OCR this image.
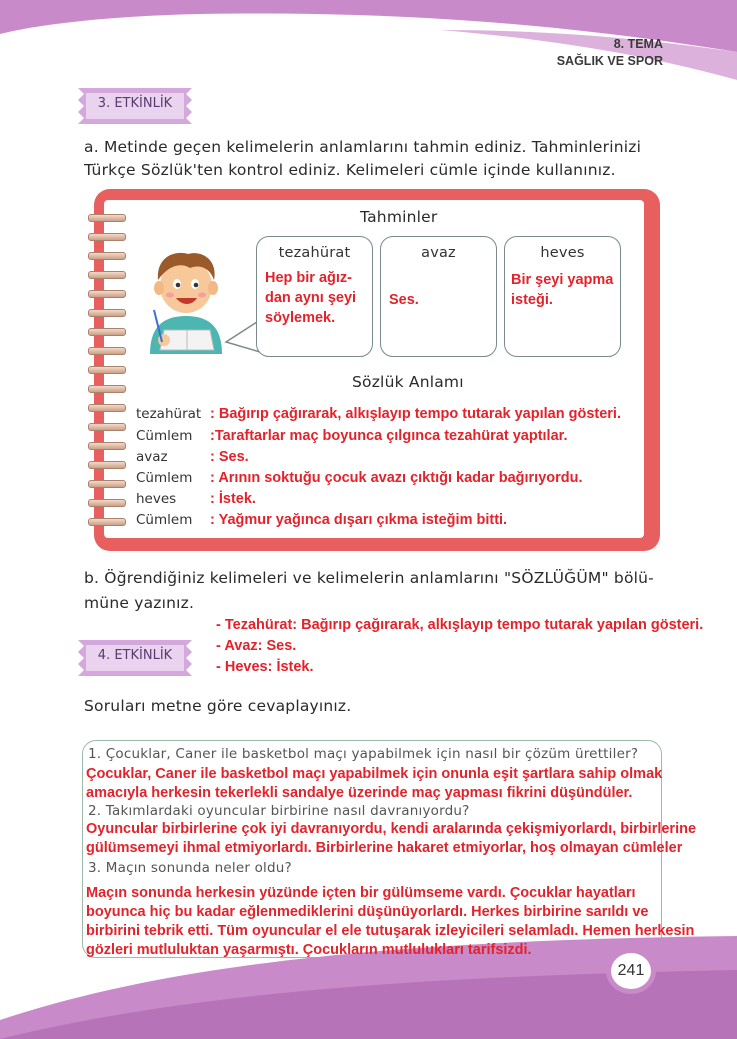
8. TEMA
SAĞLIK VE SPOR
3. ETKİNLİK
a. Metinde geçen kelimelerin anlamlarını tahmin ediniz. Tahminlerinizi
Türkçe Sözlük'ten kontrol ediniz. Kelimeleri cümle içinde kullanınız.
Tahminler
tezahürat
Hep bir ağız-
dan aynı şeyi
söylemek.
avaz
Ses.
heves
Bir şeyi yapma
isteği.
Sözlük Anlamı
tezahürat : Bağırıp çağırarak, alkışlayıp tempo tutarak yapılan gösteri.
Cümlem :Taraftarlar maç boyunca çılgınca tezahürat yaptılar.
avaz	: Ses.
Cümlem : Arının soktuğu çocuk avazı çıktığı kadar bağırıyordu.
heves : İstek.
Cümlem : Yağmur yağınca dışarı çıkma isteğim bitti.
b. Öğrendiğiniz kelimeleri ve kelimelerin anlamlarını "SÖZLÜĞÜM" bölü-
müne yazınız.
- Tezahürat: Bağırıp çağırarak, alkışlayıp tempo tutarak yapılan gösteri.
- Avaz: Ses.
- Heves: İstek.
4. ETKİNLİK
Soruları metne göre cevaplayınız.
1. Çocuklar, Caner ile basketbol maçı yapabilmek için nasıl bir çözüm ürettiler?
Çocuklar, Caner ile basketbol maçı yapabilmek için onunla eşit şartlara sahip olmak
amacıyla herkesin tekerlekli sandalye üzerinde maç yapması fikrini düşündüler.
2. Takımlardaki oyuncular birbirine nasıl davranıyordu?
Oyuncular birbirlerine çok iyi davranıyordu, kendi aralarında çekişmiyorlardı, birbirlerine
gülümsemeyi ihmal etmiyorlardı. Birbirlerine hakaret etmiyorlar, hoş olmayan cümleler
3. Maçın sonunda neler oldu?
Maçın sonunda herkesin yüzünde içten bir gülümseme vardı. Çocuklar hayatları
boyunca hiç bu kadar eğlenmediklerini düşünüyorlardı. Herkes birbirine sarıldı ve
birbirini tebrik etti. Tüm oyuncular el ele tutuşarak izleyicileri selamladı. Hemen herkesin
gözleri mutluluktan yaşarmıştı. Çocukların mutlulukları tarifsizdi.
241
